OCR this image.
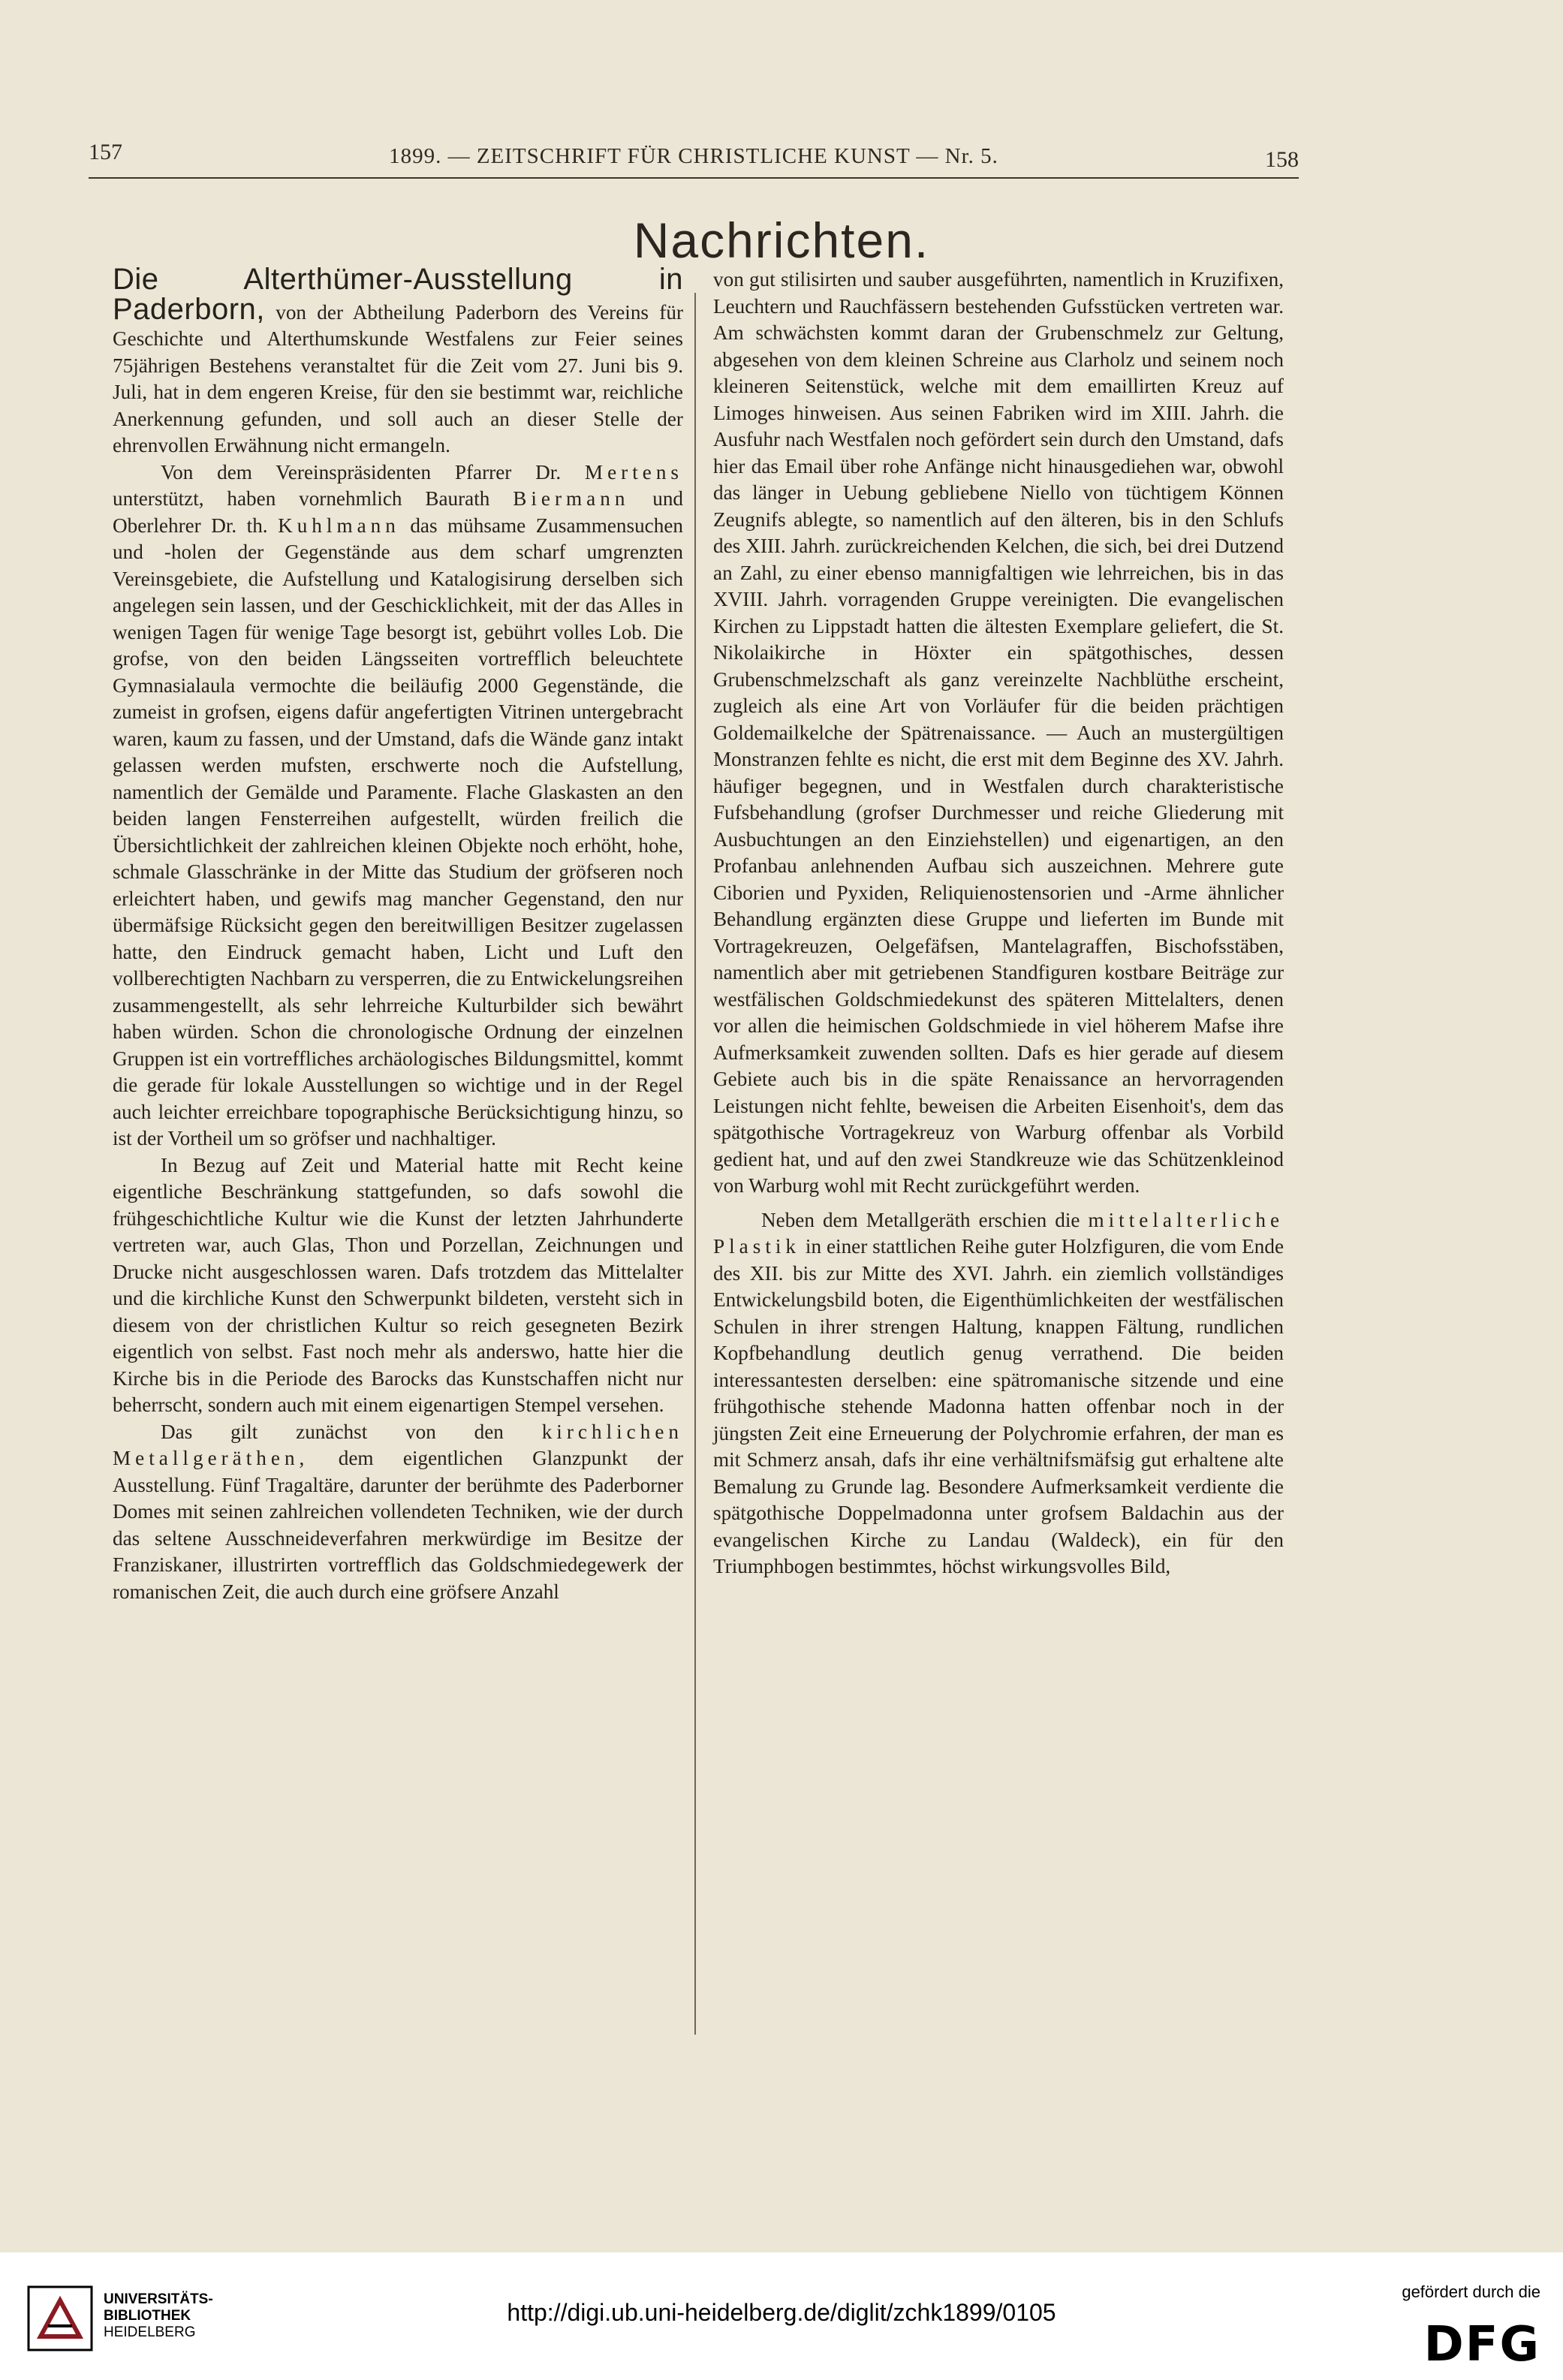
157	1899. — ZEITSCHRIFT FÜR CHRISTLICHE KUNST — Nr. 5.	158
Nachrichten.

Die Alterthümer-Ausstellung in Paderborn, von der Abtheilung Paderborn des Vereins für Geschichte und Alterthumskunde Westfalens zur Feier seines 75jährigen Bestehens veranstaltet für die Zeit vom 27. Juni bis 9. Juli, hat in dem engeren Kreise, für den sie bestimmt war, reichliche Anerkennung gefunden, und soll auch an dieser Stelle der ehrenvollen Erwähnung nicht ermangeln.

Von dem Vereinspräsidenten Pfarrer Dr. Mertens unterstützt, haben vornehmlich Baurath Biermann und Oberlehrer Dr. th. Kuhlmann das mühsame Zusammensuchen und -holen der Gegenstände aus dem scharf umgrenzten Vereinsgebiete, die Aufstellung und Katalogisirung derselben sich angelegen sein lassen, und der Geschicklichkeit, mit der das Alles in wenigen Tagen für wenige Tage besorgt ist, gebührt volles Lob. Die grofse, von den beiden Längsseiten vortrefflich beleuchtete Gymnasialaula vermochte die beiläufig 2000 Gegenstände, die zumeist in grofsen, eigens dafür angefertigten Vitrinen untergebracht waren, kaum zu fassen, und der Umstand, dafs die Wände ganz intakt gelassen werden mufsten, erschwerte noch die Aufstellung, namentlich der Gemälde und Paramente. Flache Glaskasten an den beiden langen Fensterreihen aufgestellt, würden freilich die Übersichtlichkeit der zahlreichen kleinen Objekte noch erhöht, hohe, schmale Glasschränke in der Mitte das Studium der gröfseren noch erleichtert haben, und gewifs mag mancher Gegenstand, den nur übermäfsige Rücksicht gegen den bereitwilligen Besitzer zugelassen hatte, den Eindruck gemacht haben, Licht und Luft den vollberechtigten Nachbarn zu versperren, die zu Entwickelungsreihen zusammengestellt, als sehr lehrreiche Kulturbilder sich bewährt haben würden. Schon die chronologische Ordnung der einzelnen Gruppen ist ein vortreffliches archäologisches Bildungsmittel, kommt die gerade für lokale Ausstellungen so wichtige und in der Regel auch leichter erreichbare topographische Berücksichtigung hinzu, so ist der Vortheil um so gröfser und nachhaltiger.

In Bezug auf Zeit und Material hatte mit Recht keine eigentliche Beschränkung stattgefunden, so dafs sowohl die frühgeschichtliche Kultur wie die Kunst der letzten Jahrhunderte vertreten war, auch Glas, Thon und Porzellan, Zeichnungen und Drucke nicht ausgeschlossen waren. Dafs trotzdem das Mittelalter und die kirchliche Kunst den Schwerpunkt bildeten, versteht sich in diesem von der christlichen Kultur so reich gesegneten Bezirk eigentlich von selbst. Fast noch mehr als anderswo, hatte hier die Kirche bis in die Periode des Barocks das Kunstschaffen nicht nur beherrscht, sondern auch mit einem eigenartigen Stempel versehen.

Das gilt zunächst von den kirchlichen Metallgeräthen, dem eigentlichen Glanzpunkt der Ausstellung. Fünf Tragaltäre, darunter der berühmte des Paderborner Domes mit seinen zahlreichen vollendeten Techniken, wie der durch das seltene Ausschneideverfahren merkwürdige im Besitze der Franziskaner, illustrirten vortrefflich das Goldschmiedegewerk der romanischen Zeit, die auch durch eine gröfsere Anzahl

von gut stilisirten und sauber ausgeführten, namentlich in Kruzifixen, Leuchtern und Rauchfässern bestehenden Gufsstücken vertreten war. Am schwächsten kommt daran der Grubenschmelz zur Geltung, abgesehen von dem kleinen Schreine aus Clarholz und seinem noch kleineren Seitenstück, welche mit dem emaillirten Kreuz auf Limoges hinweisen. Aus seinen Fabriken wird im XIII. Jahrh. die Ausfuhr nach Westfalen noch gefördert sein durch den Umstand, dafs hier das Email über rohe Anfänge nicht hinausgediehen war, obwohl das länger in Uebung gebliebene Niello von tüchtigem Können Zeugnifs ablegte, so namentlich auf den älteren, bis in den Schlufs des XIII. Jahrh. zurückreichenden Kelchen, die sich, bei drei Dutzend an Zahl, zu einer ebenso mannigfaltigen wie lehrreichen, bis in das XVIII. Jahrh. vorragenden Gruppe vereinigten. Die evangelischen Kirchen zu Lippstadt hatten die ältesten Exemplare geliefert, die St. Nikolaikirche in Höxter ein spätgothisches, dessen Grubenschmelzschaft als ganz vereinzelte Nachblüthe erscheint, zugleich als eine Art von Vorläufer für die beiden prächtigen Goldemailkelche der Spätrenaissance. — Auch an mustergültigen Monstranzen fehlte es nicht, die erst mit dem Beginne des XV. Jahrh. häufiger begegnen, und in Westfalen durch charakteristische Fufsbehandlung (grofser Durchmesser und reiche Gliederung mit Ausbuchtungen an den Einziehstellen) und eigenartigen, an den Profanbau anlehnenden Aufbau sich auszeichnen. Mehrere gute Ciborien und Pyxiden, Reliquienostensorien und -Arme ähnlicher Behandlung ergänzten diese Gruppe und lieferten im Bunde mit Vortragekreuzen, Oelgefäfsen, Mantelagraffen, Bischofsstäben, namentlich aber mit getriebenen Standfiguren kostbare Beiträge zur westfälischen Goldschmiedekunst des späteren Mittelalters, denen vor allen die heimischen Goldschmiede in viel höherem Mafse ihre Aufmerksamkeit zuwenden sollten. Dafs es hier gerade auf diesem Gebiete auch bis in die späte Renaissance an hervorragenden Leistungen nicht fehlte, beweisen die Arbeiten Eisenhoit's, dem das spätgothische Vortragekreuz von Warburg offenbar als Vorbild gedient hat, und auf den zwei Standkreuze wie das Schützenkleinod von Warburg wohl mit Recht zurückgeführt werden.

Neben dem Metallgeräth erschien die mittelalterliche Plastik in einer stattlichen Reihe guter Holzfiguren, die vom Ende des XII. bis zur Mitte des XVI. Jahrh. ein ziemlich vollständiges Entwickelungsbild boten, die Eigenthümlichkeiten der westfälischen Schulen in ihrer strengen Haltung, knappen Fältung, rundlichen Kopfbehandlung deutlich genug verrathend. Die beiden interessantesten derselben: eine spätromanische sitzende und eine frühgothische stehende Madonna hatten offenbar noch in der jüngsten Zeit eine Erneuerung der Polychromie erfahren, der man es mit Schmerz ansah, dafs ihr eine verhältnifsmäfsig gut erhaltene alte Bemalung zu Grunde lag. Besondere Aufmerksamkeit verdiente die spätgothische Doppelmadonna unter grofsem Baldachin aus der evangelischen Kirche zu Landau (Waldeck), ein für den Triumphbogen bestimmtes, höchst wirkungsvolles Bild,

UNIVERSITÄTS-
BIBLIOTHEK
HEIDELBERG
http://digi.ub.uni-heidelberg.de/diglit/zchk1899/0105
gefördert durch die
DFG
